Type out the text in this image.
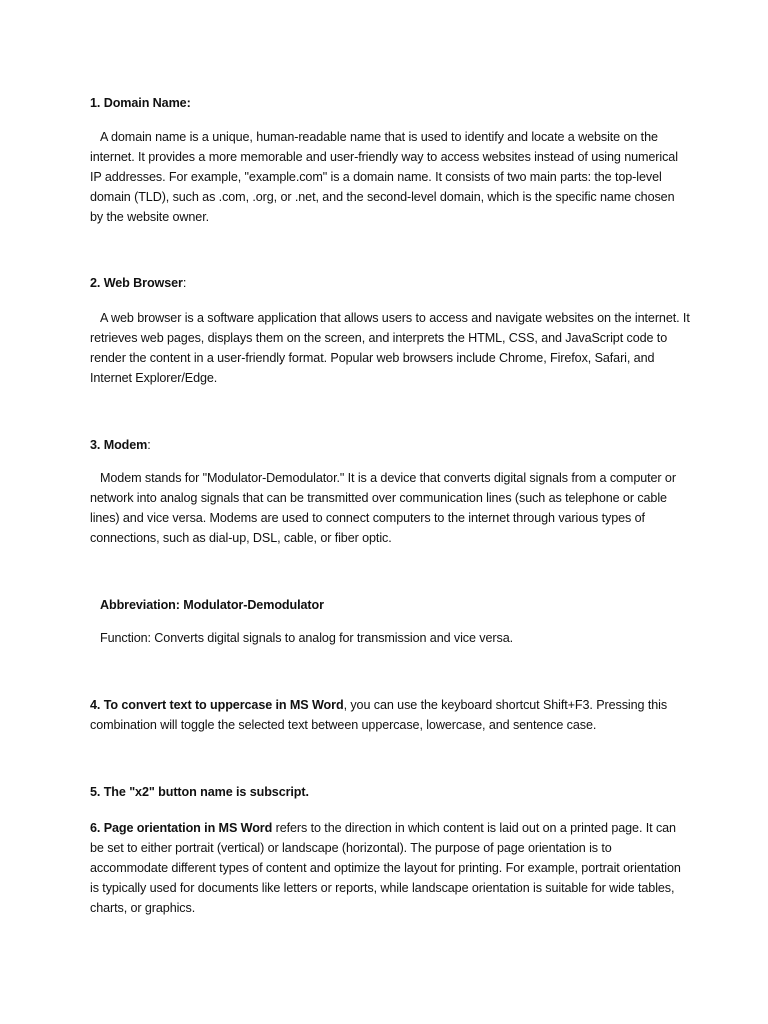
1. Domain Name:
A domain name is a unique, human-readable name that is used to identify and locate a website on the internet. It provides a more memorable and user-friendly way to access websites instead of using numerical IP addresses. For example, "example.com" is a domain name. It consists of two main parts: the top-level domain (TLD), such as .com, .org, or .net, and the second-level domain, which is the specific name chosen by the website owner.
2. Web Browser:
A web browser is a software application that allows users to access and navigate websites on the internet. It retrieves web pages, displays them on the screen, and interprets the HTML, CSS, and JavaScript code to render the content in a user-friendly format. Popular web browsers include Chrome, Firefox, Safari, and Internet Explorer/Edge.
3. Modem:
Modem stands for "Modulator-Demodulator." It is a device that converts digital signals from a computer or network into analog signals that can be transmitted over communication lines (such as telephone or cable lines) and vice versa. Modems are used to connect computers to the internet through various types of connections, such as dial-up, DSL, cable, or fiber optic.
Abbreviation: Modulator-Demodulator
Function: Converts digital signals to analog for transmission and vice versa.
4. To convert text to uppercase in MS Word, you can use the keyboard shortcut Shift+F3. Pressing this combination will toggle the selected text between uppercase, lowercase, and sentence case.
5. The "x2" button name is subscript.
6. Page orientation in MS Word refers to the direction in which content is laid out on a printed page. It can be set to either portrait (vertical) or landscape (horizontal). The purpose of page orientation is to accommodate different types of content and optimize the layout for printing. For example, portrait orientation is typically used for documents like letters or reports, while landscape orientation is suitable for wide tables, charts, or graphics.
